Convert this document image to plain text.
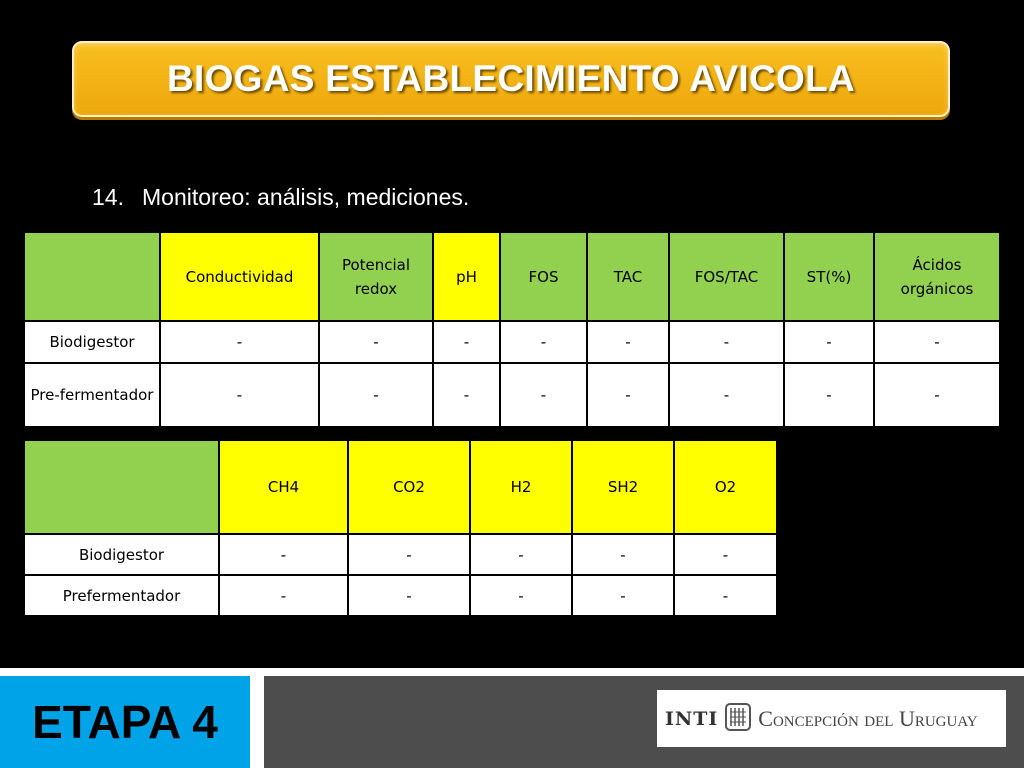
BIOGAS ESTABLECIMIENTO AVICOLA
14. Monitoreo: análisis, mediciones.
	Conductividad	Potencial redox	pH	FOS	TAC	FOS/TAC	ST(%)	Ácidos orgánicos
Biodigestor	-	-	-	-	-	-	-	-
Pre-fermentador	-	-	-	-	-	-	-	-
	CH4	CO2	H2	SH2	O2
Biodigestor	-	-	-	-	-
Prefermentador	-	-	-	-	-
ETAPA 4	INTI Concepción del Uruguay
